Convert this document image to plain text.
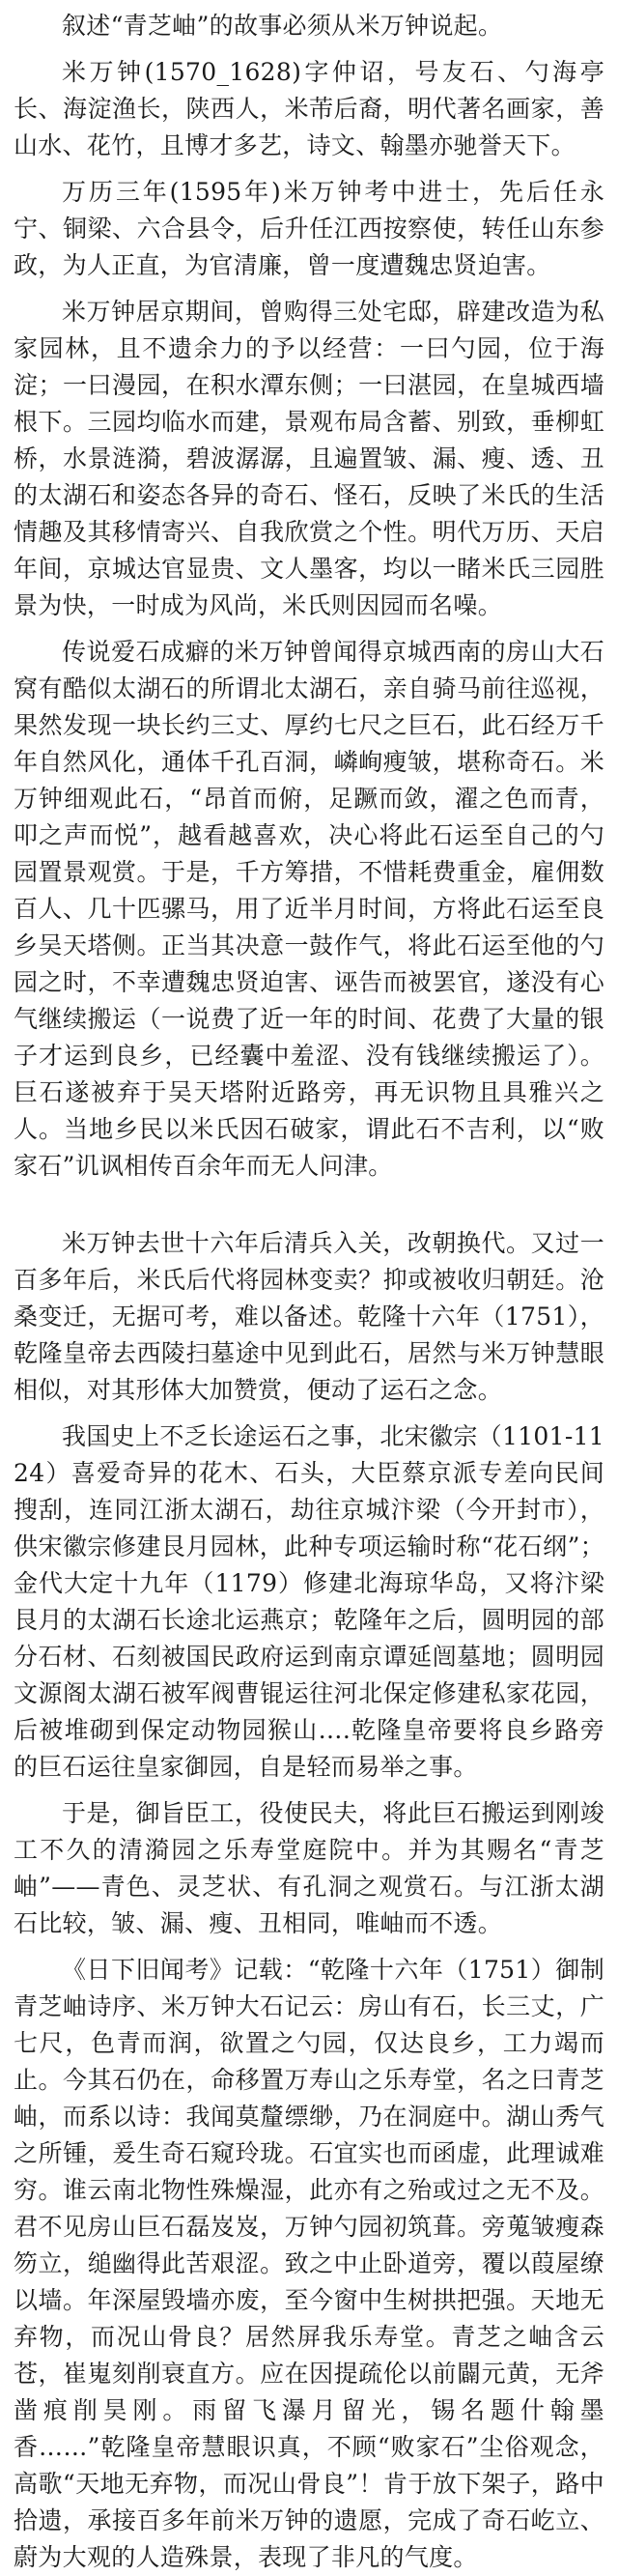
叙述“青芝岫”的故事必须从米万钟说起。

米万钟(1570_1628)字仲诏，号友石、勺海亭长、海淀渔长，陕西人，米芾后裔，明代著名画家，善山水、花竹，且博才多艺，诗文、翰墨亦驰誉天下。

万历三年(1595年)米万钟考中进士，先后任永宁、铜梁、六合县令，后升任江西按察使，转任山东参政，为人正直，为官清廉，曾一度遭魏忠贤迫害。

米万钟居京期间，曾购得三处宅邸，辟建改造为私家园林，且不遗余力的予以经营：一曰勺园，位于海淀；一曰漫园，在积水潭东侧；一曰湛园，在皇城西墙根下。三园均临水而建，景观布局含蓄、别致，垂柳虹桥，水景涟漪，碧波潺潺，且遍置皱、漏、瘦、透、丑的太湖石和姿态各异的奇石、怪石，反映了米氏的生活情趣及其移情寄兴、自我欣赏之个性。明代万历、天启年间，京城达官显贵、文人墨客，均以一睹米氏三园胜景为快，一时成为风尚，米氏则因园而名噪。

传说爱石成癖的米万钟曾闻得京城西南的房山大石窝有酷似太湖石的所谓北太湖石，亲自骑马前往巡视，果然发现一块长约三丈、厚约七尺之巨石，此石经万千年自然风化，通体千孔百洞，嶙峋瘦皱，堪称奇石。米万钟细观此石，“昂首而俯，足蹶而敛，濯之色而青，叩之声而悦”，越看越喜欢，决心将此石运至自己的勺园置景观赏。于是，千方筹措，不惜耗费重金，雇佣数百人、几十匹骡马，用了近半月时间，方将此石运至良乡吴天塔侧。正当其决意一鼓作气，将此石运至他的勺园之时，不幸遭魏忠贤迫害、诬告而被罢官，遂没有心气继续搬运（一说费了近一年的时间、花费了大量的银子才运到良乡，已经囊中羞涩、没有钱继续搬运了）。巨石遂被弃于吴天塔附近路旁，再无识物且具雅兴之人。当地乡民以米氏因石破家，谓此石不吉利，以“败家石”讥讽相传百余年而无人问津。

米万钟去世十六年后清兵入关，改朝换代。又过一百多年后，米氏后代将园林变卖？抑或被收归朝廷。沧桑变迁，无据可考，难以备述。乾隆十六年（1751），乾隆皇帝去西陵扫墓途中见到此石，居然与米万钟慧眼相似，对其形体大加赞赏，便动了运石之念。

我国史上不乏长途运石之事，北宋徽宗（1101-1124）喜爱奇异的花木、石头，大臣蔡京派专差向民间搜刮，连同江浙太湖石，劫往京城汴梁（今开封市），供宋徽宗修建艮月园林，此种专项运输时称“花石纲”；金代大定十九年（1179）修建北海琼华岛，又将汴梁艮月的太湖石长途北运燕京；乾隆年之后，圆明园的部分石材、石刻被国民政府运到南京谭延闿墓地；圆明园文源阁太湖石被军阀曹锟运往河北保定修建私家花园，后被堆砌到保定动物园猴山….乾隆皇帝要将良乡路旁的巨石运往皇家御园，自是轻而易举之事。

于是，御旨臣工，役使民夫，将此巨石搬运到刚竣工不久的清漪园之乐寿堂庭院中。并为其赐名“青芝岫”——青色、灵芝状、有孔洞之观赏石。与江浙太湖石比较，皱、漏、瘦、丑相同，唯岫而不透。

《日下旧闻考》记载：“乾隆十六年（1751）御制青芝岫诗序、米万钟大石记云：房山有石，长三丈，广七尺，色青而润，欲置之勺园，仅达良乡，工力竭而止。今其石仍在，命移置万寿山之乐寿堂，名之曰青芝岫，而系以诗：我闻莫釐缥缈，乃在洞庭中。湖山秀气之所锺，爰生奇石窥玲珑。石宜实也而函虚，此理诚难穷。谁云南北物性殊燥湿，此亦有之殆或过之无不及。君不见房山巨石磊岌岌，万钟勺园初筑葺。旁蒐皱瘦森笏立，缒幽得此苦艰涩。致之中止卧道旁，覆以葭屋缭以墙。年深屋毁墙亦废，至今窗中生树拱把强。天地无弃物，而况山骨良？居然屏我乐寿堂。青芝之岫含云苍，崔嵬刻削衰直方。应在因提疏伦以前闢元黄，无斧凿痕削昊刚。雨留飞瀑月留光，锡名题什翰墨香……”乾隆皇帝慧眼识真，不顾“败家石”尘俗观念，高歌“天地无弃物，而况山骨良”！肯于放下架子，路中拾遗，承接百多年前米万钟的遗愿，完成了奇石屹立、蔚为大观的人造殊景，表现了非凡的气度。
